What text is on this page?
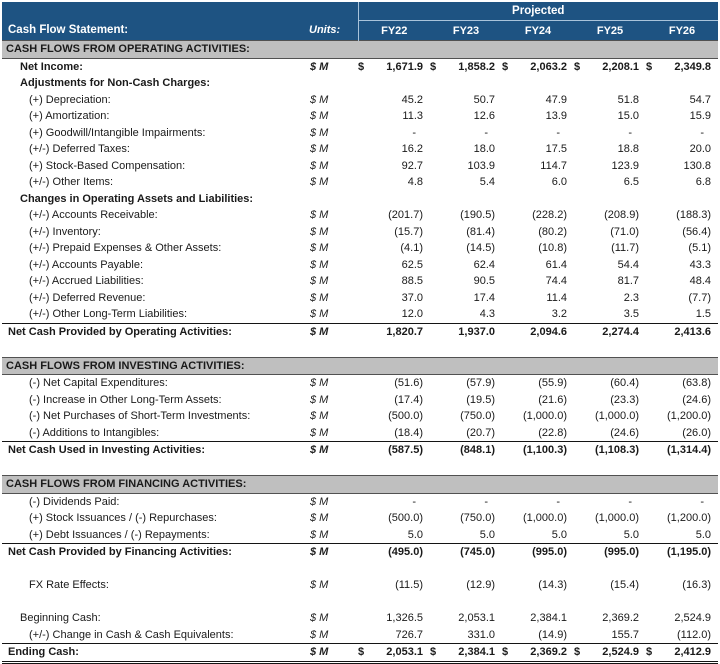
		Projected				
Cash Flow Statement:	Units:	FY22	FY23	FY24	FY25	FY26
CASH FLOWS FROM OPERATING ACTIVITIES:						
Net Income:	$ M	$ 1,671.9	$ 1,858.2	$ 2,063.2	$ 2,208.1	$ 2,349.8
Adjustments for Non-Cash Charges:						
(+) Depreciation:	$ M	45.2	50.7	47.9	51.8	54.7
(+) Amortization:	$ M	11.3	12.6	13.9	15.0	15.9
(+) Goodwill/Intangible Impairments:	$ M	-	-	-	-	-
(+/-) Deferred Taxes:	$ M	16.2	18.0	17.5	18.8	20.0
(+) Stock-Based Compensation:	$ M	92.7	103.9	114.7	123.9	130.8
(+/-) Other Items:	$ M	4.8	5.4	6.0	6.5	6.8
Changes in Operating Assets and Liabilities:						
(+/-) Accounts Receivable:	$ M	(201.7)	(190.5)	(228.2)	(208.9)	(188.3)
(+/-) Inventory:	$ M	(15.7)	(81.4)	(80.2)	(71.0)	(56.4)
(+/-) Prepaid Expenses & Other Assets:	$ M	(4.1)	(14.5)	(10.8)	(11.7)	(5.1)
(+/-) Accounts Payable:	$ M	62.5	62.4	61.4	54.4	43.3
(+/-) Accrued Liabilities:	$ M	88.5	90.5	74.4	81.7	48.4
(+/-) Deferred Revenue:	$ M	37.0	17.4	11.4	2.3	(7.7)
(+/-) Other Long-Term Liabilities:	$ M	12.0	4.3	3.2	3.5	1.5
Net Cash Provided by Operating Activities:	$ M	1,820.7	1,937.0	2,094.6	2,274.4	2,413.6

CASH FLOWS FROM INVESTING ACTIVITIES:						
(-) Net Capital Expenditures:	$ M	(51.6)	(57.9)	(55.9)	(60.4)	(63.8)
(-) Increase in Other Long-Term Assets:	$ M	(17.4)	(19.5)	(21.6)	(23.3)	(24.6)
(-) Net Purchases of Short-Term Investments:	$ M	(500.0)	(750.0)	(1,000.0)	(1,000.0)	(1,200.0)
(-) Additions to Intangibles:	$ M	(18.4)	(20.7)	(22.8)	(24.6)	(26.0)
Net Cash Used in Investing Activities:	$ M	(587.5)	(848.1)	(1,100.3)	(1,108.3)	(1,314.4)

CASH FLOWS FROM FINANCING ACTIVITIES:						
(-) Dividends Paid:	$ M	-	-	-	-	-
(+) Stock Issuances / (-) Repurchases:	$ M	(500.0)	(750.0)	(1,000.0)	(1,000.0)	(1,200.0)
(+) Debt Issuances / (-) Repayments:	$ M	5.0	5.0	5.0	5.0	5.0
Net Cash Provided by Financing Activities:	$ M	(495.0)	(745.0)	(995.0)	(995.0)	(1,195.0)

FX Rate Effects:	$ M	(11.5)	(12.9)	(14.3)	(15.4)	(16.3)

Beginning Cash:	$ M	1,326.5	2,053.1	2,384.1	2,369.2	2,524.9
(+/-) Change in Cash & Cash Equivalents:	$ M	726.7	331.0	(14.9)	155.7	(112.0)
Ending Cash:	$ M	$ 2,053.1	$ 2,384.1	$ 2,369.2	$ 2,524.9	$ 2,412.9
